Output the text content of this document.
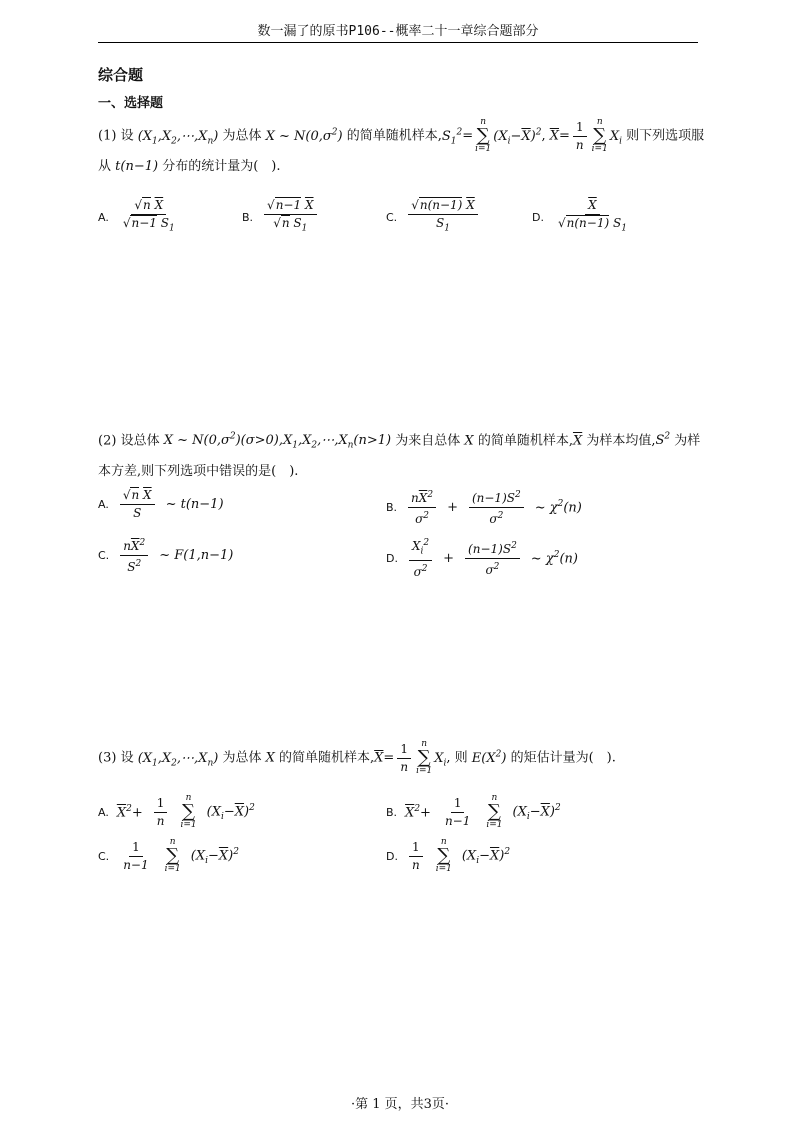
数一漏了的原书P106--概率二十一章综合题部分
综合题
一、选择题
(1) 设 $(X_1,X_2,\cdots,X_n)$ 为总体 X ~ $N(0,\sigma^2)$ 的简单随机样本$,S_1^2=$
n
∑
i=1
$(X_i-\overline{X})^2$, $\overline{X}= \frac{1}{n}$ n
∑
i=1
$X_i$ 则下列选项服从 t(n−1) 分布的统计量为(　).
A. $\frac{√n \overline{X}}{√n-1 S_1}$	B. $\frac{√n-1 \overline{X}}{√n S_1}$	C. $\frac{√n(n-1) \overline{X}}{S_1}$	D. $\frac{\overline{X}}{√n(n-1) S_1}$
(2) 设总体 X ~ $N(0,\sigma^2)(\sigma>0),X_1,X_2,\cdots,X_n(n>1)$ 为来自总体 X 的简单随机样本$,\overline{X}$ 为样本均值$,S^2$ 为样本方差,则下列选项中错误的是(　).
A. $\frac{√n \overline{X}}{S}$ ~ t(n−1)	B. $\frac{n\overline{X}^2}{\sigma^2} + \frac{(n-1)S^2}{\sigma^2}$ ~ $\chi^2(n)$
C. $\frac{n\overline{X}^2}{S^2}$ ~ F(1,n−1)	D. $\frac{X_i^2}{\sigma^2} + \frac{(n-1)S^2}{\sigma^2}$ ~ $\chi^2(n)$
(3) 设 $(X_1,X_2,\cdots,X_n)$ 为总体 X 的简单随机样本$,\overline{X}= \frac{1}{n}$ n
∑
i=1
$X_i$, 则 $E(X^2)$ 的矩估计量为(　).
A. $\overline{X}^2+ \frac{1}{n}$ n
∑
i=1
$(X_i-\overline{X})^2$	B. $\overline{X}^2+ \frac{1}{n-1}$ n
∑
i=1
$(X_i-\overline{X})^2$
C. $\frac{1}{n-1}$ n
∑
i=1
$(X_i-\overline{X})^2$	D. $\frac{1}{n}$ n
∑
i=1
$(X_i-\overline{X})^2$
·第 1 页，共3页·
